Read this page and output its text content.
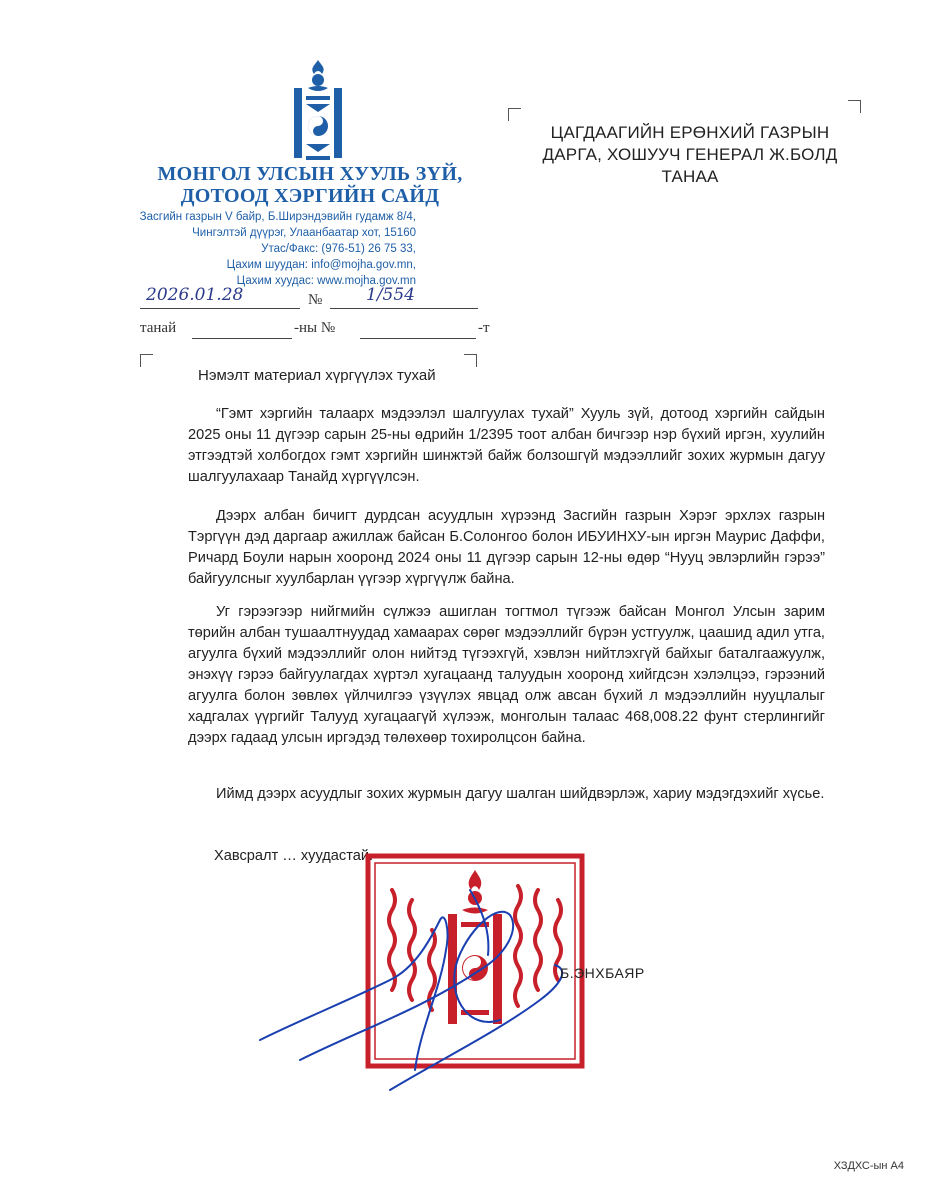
МОНГОЛ УЛСЫН ХУУЛЬ ЗҮЙ,
ДОТООД ХЭРГИЙН САЙД
Засгийн газрын V байр, Б.Ширэндэвийн гудамж 8/4,
Чингэлтэй дүүрэг, Улаанбаатар хот, 15160
Утас/Факс: (976-51) 26 75 33,
Цахим шуудан: info@mojha.gov.mn,
Цахим хуудас: www.mojha.gov.mn
ЦАГДААГИЙН ЕРӨНХИЙ ГАЗРЫН
ДАРГА, ХОШУУЧ ГЕНЕРАЛ Ж.БОЛД
ТАНАА
2026.01.28	№	1/554
танай	-ны №	-т
Нэмэлт материал хүргүүлэх тухай
“Гэмт хэргийн талаарх мэдээлэл шалгуулах тухай” Хууль зүй, дотоод хэргийн сайдын 2025 оны 11 дүгээр сарын 25-ны өдрийн 1/2395 тоот албан бичгээр нэр бүхий иргэн, хуулийн этгээдтэй холбогдох гэмт хэргийн шинжтэй байж болзошгүй мэдээллийг зохих журмын дагуу шалгуулахаар Танайд хүргүүлсэн.
Дээрх албан бичигт дурдсан асуудлын хүрээнд Засгийн газрын Хэрэг эрхлэх газрын Тэргүүн дэд даргаар ажиллаж байсан Б.Солонгоо болон ИБУИНХУ-ын иргэн Маурис Даффи, Ричард Боули нарын хооронд 2024 оны 11 дүгээр сарын 12-ны өдөр “Нууц эвлэрлийн гэрээ” байгуулсныг хуулбарлан үүгээр хүргүүлж байна.
Уг гэрээгээр нийгмийн сүлжээ ашиглан тогтмол түгээж байсан Монгол Улсын зарим төрийн албан тушаалтнуудад хамаарах сөрөг мэдээллийг бүрэн устгуулж, цаашид адил утга, агуулга бүхий мэдээллийг олон нийтэд түгээхгүй, хэвлэн нийтлэхгүй байхыг баталгаажуулж, энэхүү гэрээ байгуулагдах хүртэл хугацаанд талуудын хооронд хийгдсэн хэлэлцээ, гэрээний агуулга болон зөвлөх үйлчилгээ үзүүлэх явцад олж авсан бүхий л мэдээллийн нууцлалыг хадгалах үүргийг Талууд хугацаагүй хүлээж, монголын талаас 468,008.22 фунт стерлингийг дээрх гадаад улсын иргэдэд төлөхөөр тохиролцсон байна.
Иймд дээрх асуудлыг зохих журмын дагуу шалган шийдвэрлэж, хариу мэдэгдэхийг хүсье.
Хавсралт … хуудастай.
Б.ЭНХБАЯР
ХЗДХС-ын А4
